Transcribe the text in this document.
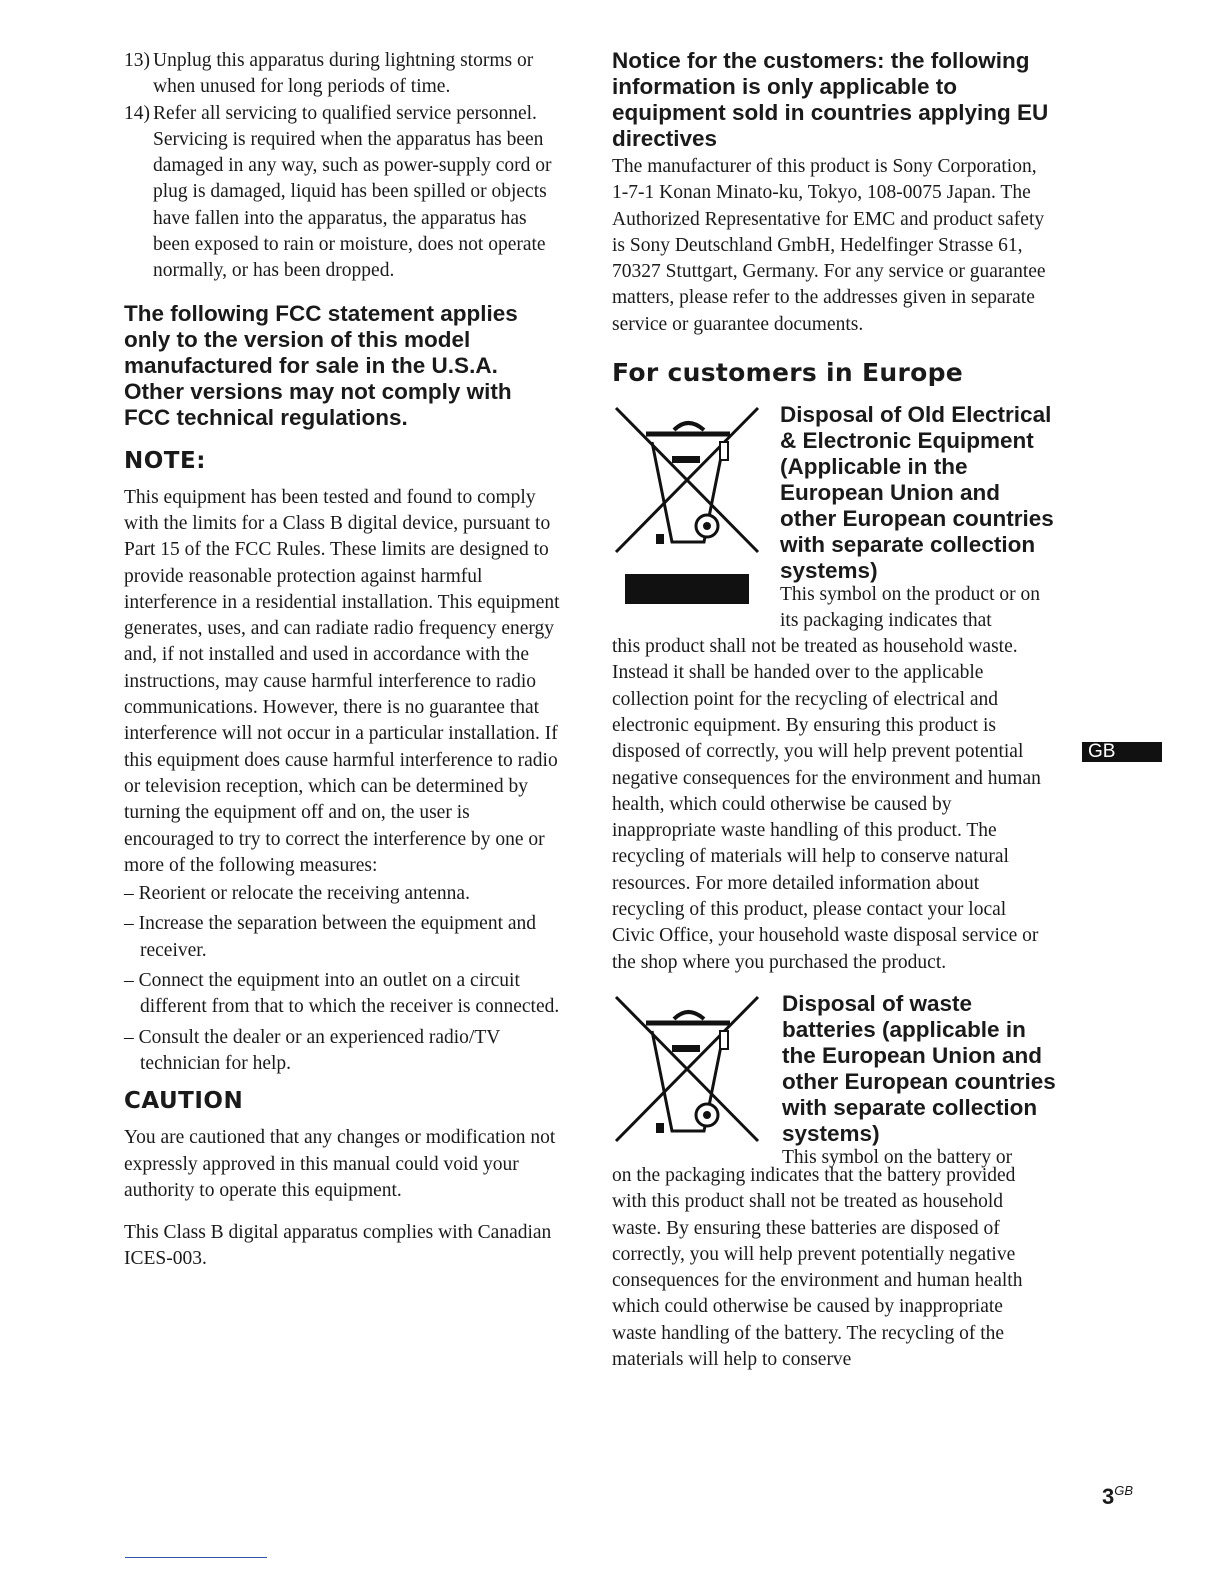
13) Unplug this apparatus during lightning storms or when unused for long periods of time.
14) Refer all servicing to qualified service personnel. Servicing is required when the apparatus has been damaged in any way, such as power-supply cord or plug is damaged, liquid has been spilled or objects have fallen into the apparatus, the apparatus has been exposed to rain or moisture, does not operate normally, or has been dropped.
The following FCC statement applies only to the version of this model manufactured for sale in the U.S.A. Other versions may not comply with FCC technical regulations.
NOTE:

This equipment has been tested and found to comply with the limits for a Class B digital device, pursuant to Part 15 of the FCC Rules. These limits are designed to provide reasonable protection against harmful interference in a residential installation. This equipment generates, uses, and can radiate radio frequency energy and, if not installed and used in accordance with the instructions, may cause harmful interference to radio communications. However, there is no guarantee that interference will not occur in a particular installation. If this equipment does cause harmful interference to radio or television reception, which can be determined by turning the equipment off and on, the user is encouraged to try to correct the interference by one or more of the following measures:

– Reorient or relocate the receiving antenna.
– Increase the separation between the equipment and receiver.
– Connect the equipment into an outlet on a circuit different from that to which the receiver is connected.
– Consult the dealer or an experienced radio/TV technician for help.
CAUTION

You are cautioned that any changes or modification not expressly approved in this manual could void your authority to operate this equipment.

This Class B digital apparatus complies with Canadian ICES-003.

Notice for the customers: the following information is only applicable to equipment sold in countries applying EU directives

The manufacturer of this product is Sony Corporation, 1-7-1 Konan Minato-ku, Tokyo, 108-0075 Japan. The Authorized Representative for EMC and product safety is Sony Deutschland GmbH, Hedelfinger Strasse 61, 70327 Stuttgart, Germany. For any service or guarantee matters, please refer to the addresses given in separate service or guarantee documents.

For customers in Europe
Disposal of Old Electrical & Electronic Equipment (Applicable in the European Union and other European countries with separate collection systems)

This symbol on the product or on its packaging indicates that

this product shall not be treated as household waste. Instead it shall be handed over to the applicable collection point for the recycling of electrical and electronic equipment. By ensuring this product is disposed of correctly, you will help prevent potential negative consequences for the environment and human health, which could otherwise be caused by inappropriate waste handling of this product. The recycling of materials will help to conserve natural resources. For more detailed information about recycling of this product, please contact your local Civic Office, your household waste disposal service or the shop where you purchased the product.

Disposal of waste batteries (applicable in the European Union and other European countries with separate collection systems)

This symbol on the battery or

on the packaging indicates that the battery provided with this product shall not be treated as household waste. By ensuring these batteries are disposed of correctly, you will help prevent potentially negative consequences for the environment and human health which could otherwise be caused by inappropriate waste handling of the battery. The recycling of the materials will help to conserve

GB
$3^{GB}$
